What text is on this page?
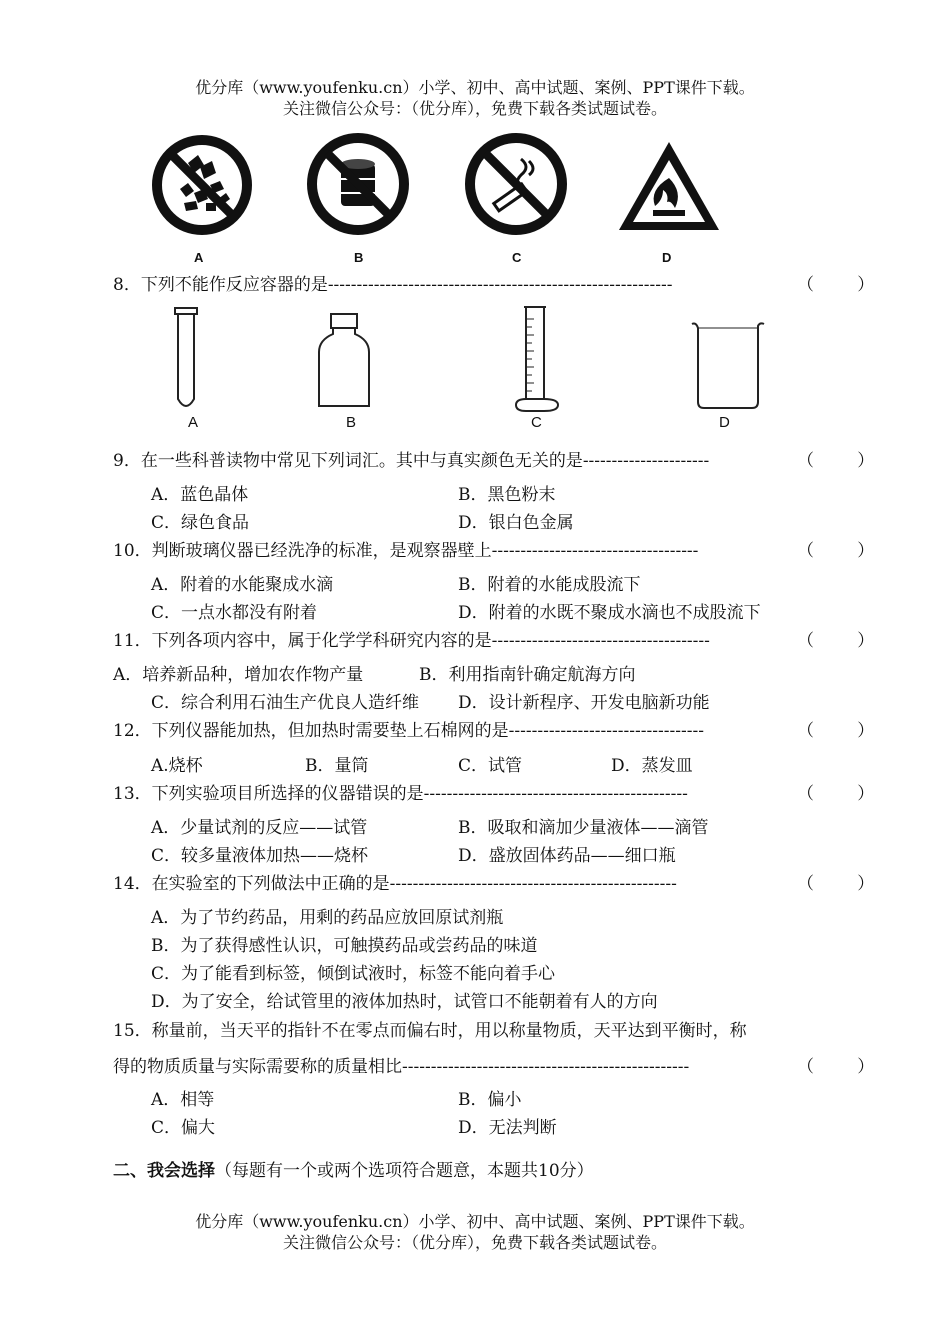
优分库（www.youfenku.cn）小学、初中、高中试题、案例、PPT课件下载。
关注微信公众号：（优分库），免费下载各类试题试卷。
A	B	C	D
8．下列不能作反应容器的是------------------------------------------------------------	（        ）
A	B	C	D
9．在一些科普读物中常见下列词汇。其中与真实颜色无关的是----------------------	（        ）
A．蓝色晶体	B．黑色粉末
C．绿色食品	D．银白色金属
10．判断玻璃仪器已经洗净的标准，是观察器壁上------------------------------------	（        ）
A．附着的水能聚成水滴	B．附着的水能成股流下
C．一点水都没有附着	D．附着的水既不聚成水滴也不成股流下
11．下列各项内容中，属于化学学科研究内容的是--------------------------------------	（        ）
A．培养新品种，增加农作物产量	B．利用指南针确定航海方向
C．综合利用石油生产优良人造纤维 D．设计新程序、开发电脑新功能
12．下列仪器能加热，但加热时需要垫上石棉网的是----------------------------------	（        ）
A.烧杯	B．量筒	C．试管	D．蒸发皿
13．下列实验项目所选择的仪器错误的是----------------------------------------------	（        ）
A．少量试剂的反应——试管	B．吸取和滴加少量液体——滴管
C．较多量液体加热——烧杯	D．盛放固体药品——细口瓶
14．在实验室的下列做法中正确的是--------------------------------------------------	（        ）
A．为了节约药品，用剩的药品应放回原试剂瓶
B．为了获得感性认识，可触摸药品或尝药品的味道
C．为了能看到标签，倾倒试液时，标签不能向着手心
D．为了安全，给试管里的液体加热时，试管口不能朝着有人的方向
15．称量前，当天平的指针不在零点而偏右时，用以称量物质，天平达到平衡时，称
得的物质质量与实际需要称的质量相比--------------------------------------------------	（        ）
A．相等	B．偏小
C．偏大	D．无法判断
二、我会选择（每题有一个或两个选项符合题意，本题共10分）
优分库（www.youfenku.cn）小学、初中、高中试题、案例、PPT课件下载。
关注微信公众号：（优分库），免费下载各类试题试卷。
